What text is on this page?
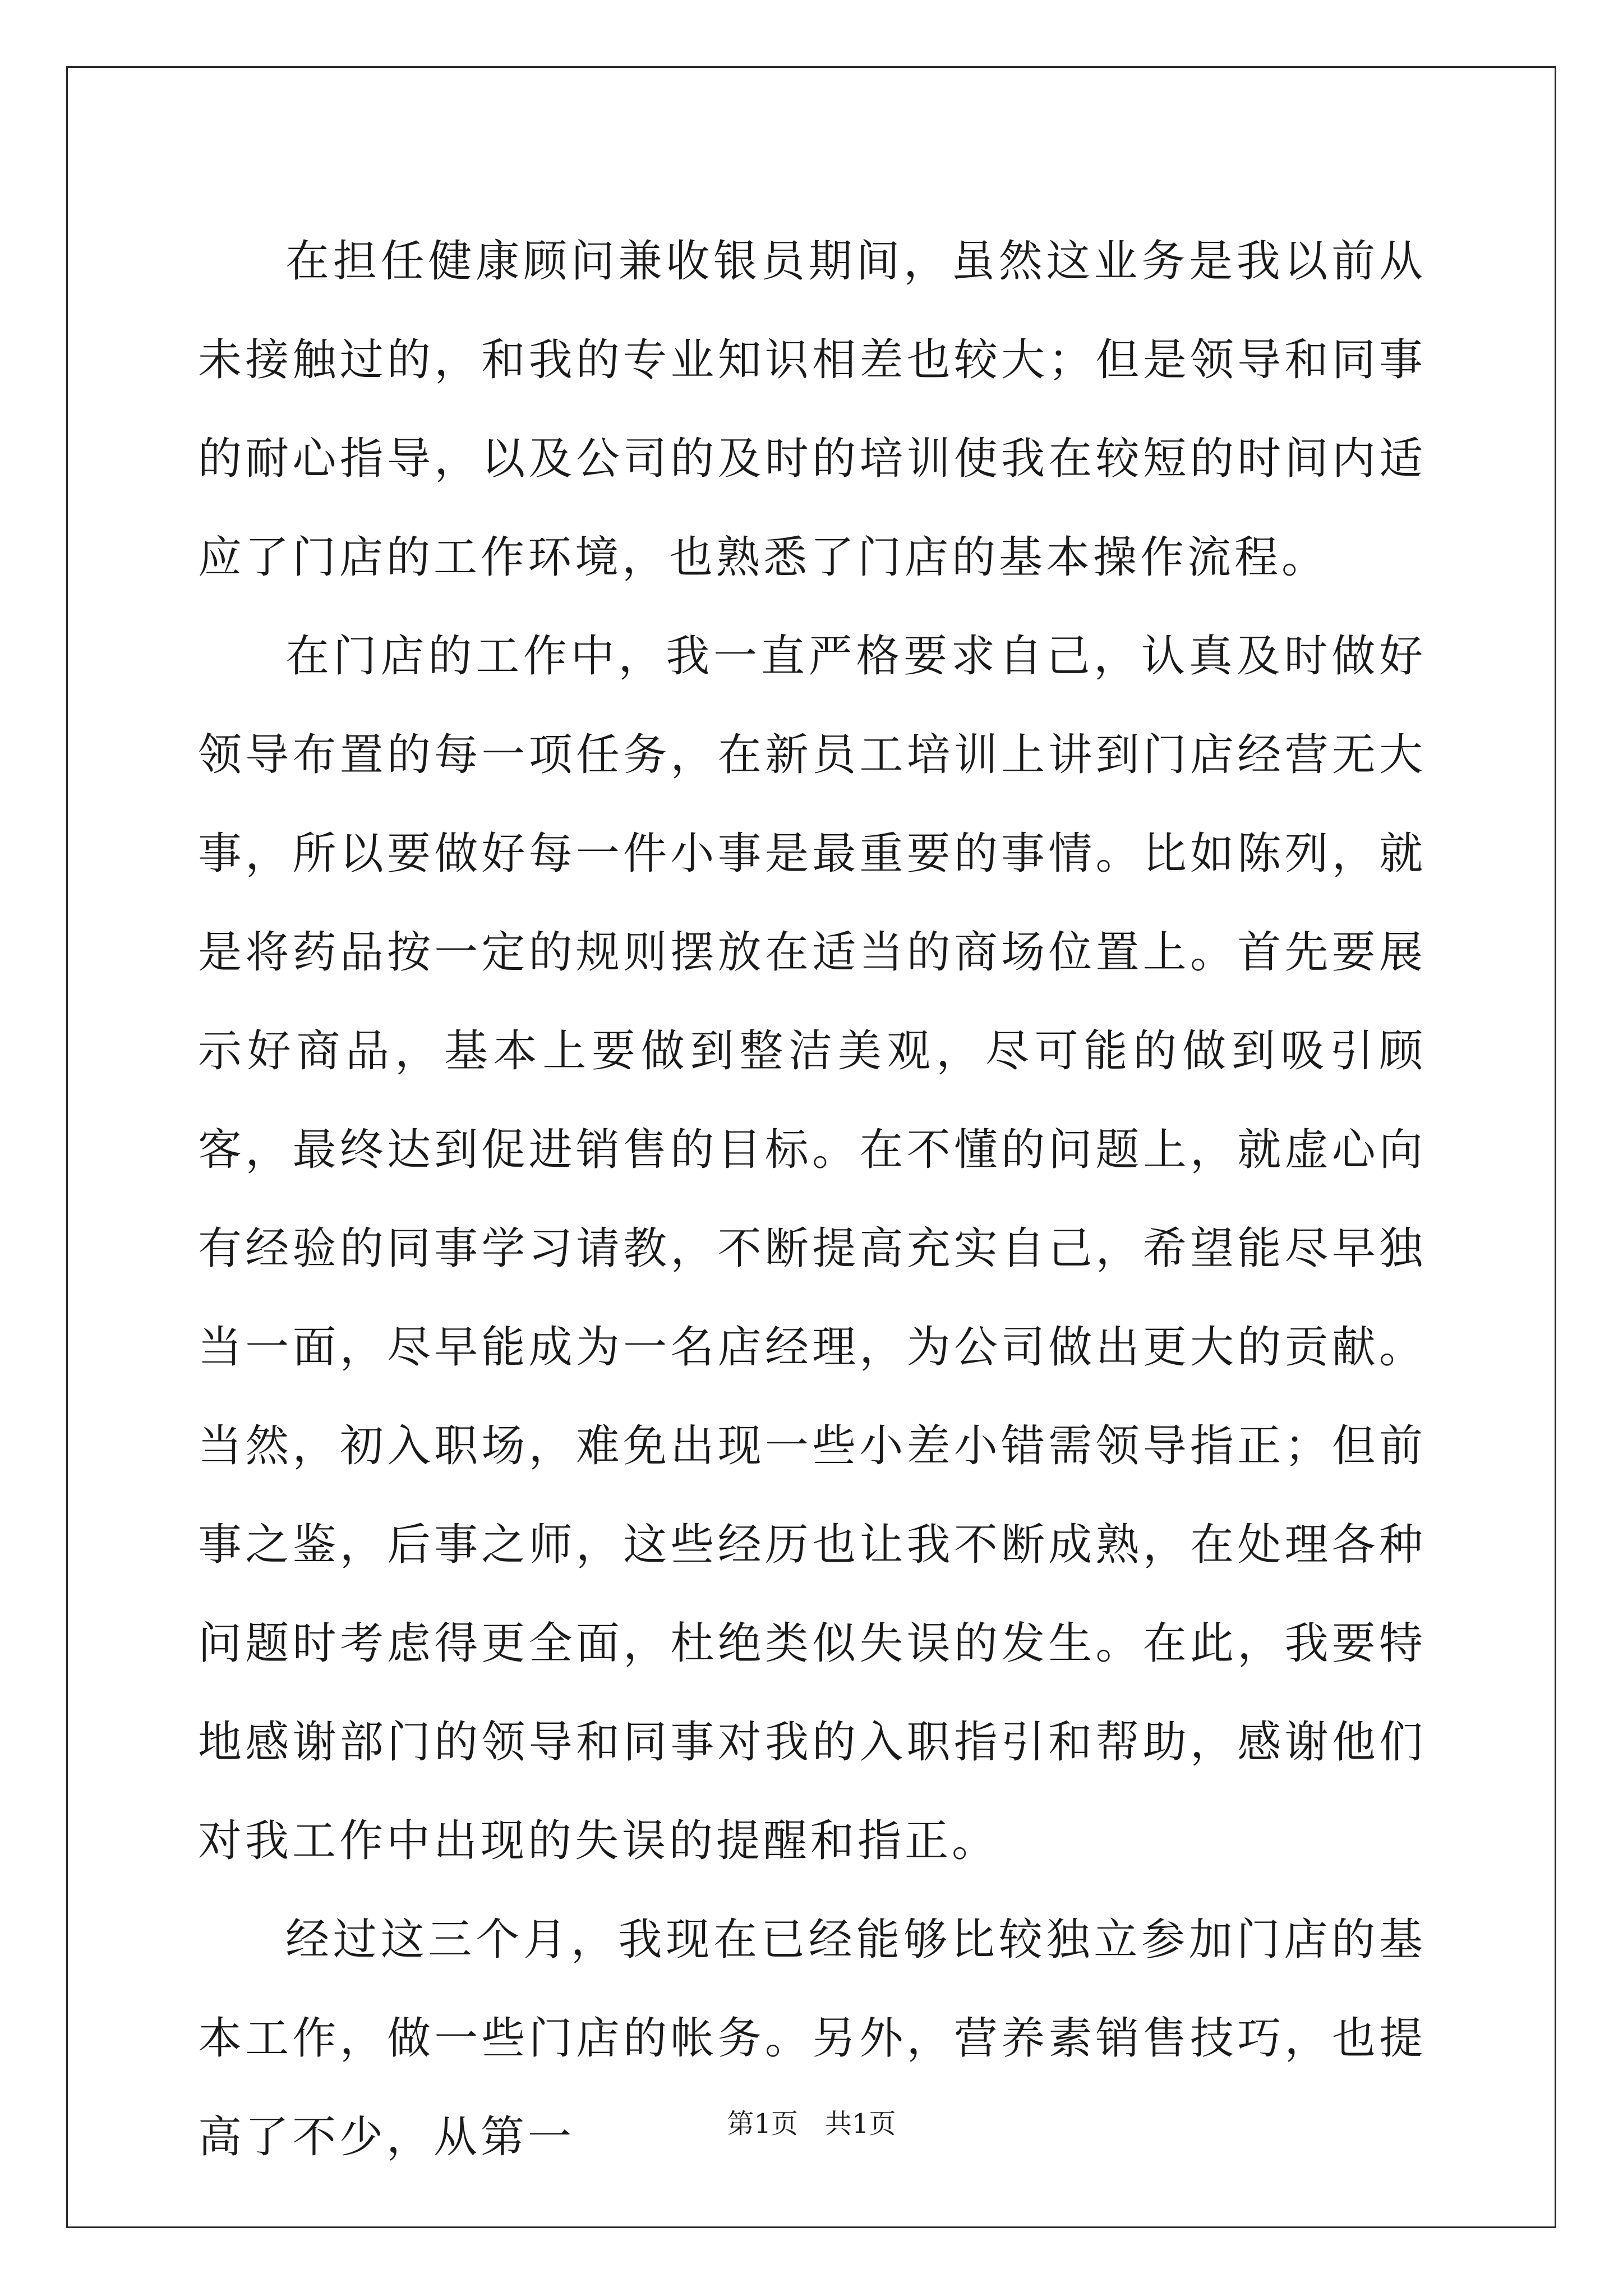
在担任健康顾问兼收银员期间，虽然这业务是我以前从未接触过的，和我的专业知识相差也较大；但是领导和同事的耐心指导，以及公司的及时的培训使我在较短的时间内适应了门店的工作环境，也熟悉了门店的基本操作流程。

在门店的工作中，我一直严格要求自己，认真及时做好领导布置的每一项任务，在新员工培训上讲到门店经营无大事，所以要做好每一件小事是最重要的事情。比如陈列，就是将药品按一定的规则摆放在适当的商场位置上。首先要展示好商品，基本上要做到整洁美观，尽可能的做到吸引顾客，最终达到促进销售的目标。在不懂的问题上，就虚心向有经验的同事学习请教，不断提高充实自己，希望能尽早独当一面，尽早能成为一名店经理，为公司做出更大的贡献。当然，初入职场，难免出现一些小差小错需领导指正；但前事之鉴，后事之师，这些经历也让我不断成熟，在处理各种问题时考虑得更全面，杜绝类似失误的发生。在此，我要特地感谢部门的领导和同事对我的入职指引和帮助，感谢他们对我工作中出现的失误的提醒和指正。

经过这三个月，我现在已经能够比较独立参加门店的基本工作，做一些门店的帐务。另外，营养素销售技巧，也提高了不少，从第一	第1页 共1页
